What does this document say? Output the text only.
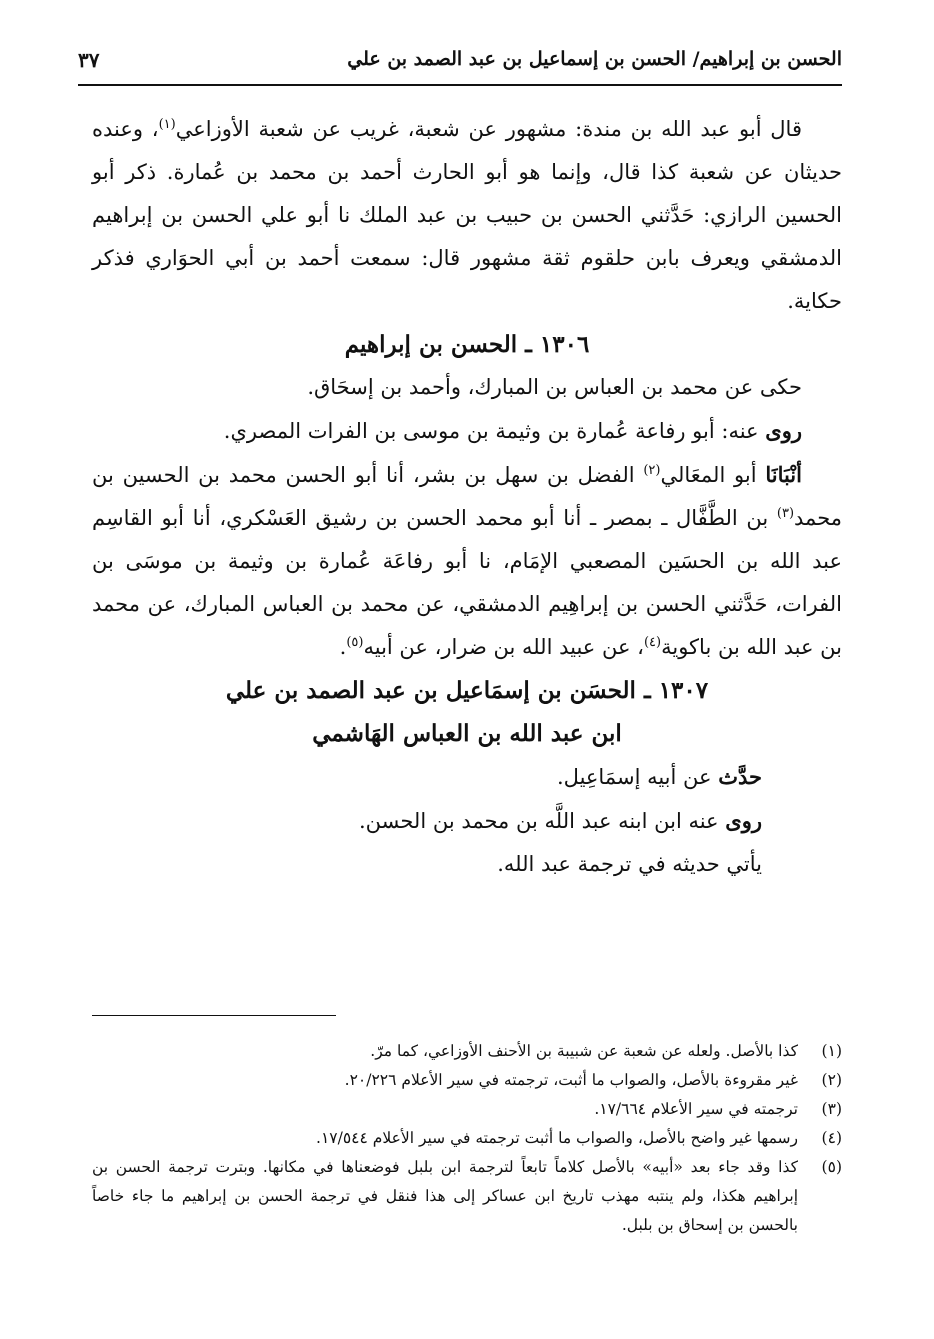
الحسن بن إبراهيم/ الحسن بن إسماعيل بن عبد الصمد بن علي
٣٧

قال أبو عبد الله بن مندة: مشهور عن شعبة، غريب عن شعبة الأوزاعي$^{(١)}$، وعنده حديثان عن شعبة كذا قال، وإنما هو أبو الحارث أحمد بن محمد بن عُمارة. ذكر أبو الحسين الرازي: حَدَّثني الحسن بن حبيب بن عبد الملك نا أبو علي الحسن بن إبراهيم الدمشقي ويعرف بابن حلقوم ثقة مشهور قال: سمعت أحمد بن أبي الحوَاري فذكر حكاية.

١٣٠٦ ـ الحسن بن إبراهيم

حكى عن محمد بن العباس بن المبارك، وأحمد بن إسحَاق.

روى عنه: أبو رفاعة عُمارة بن وثيمة بن موسى بن الفرات المصري.

أنْبَانَا أبو المعَالي$^{(٢)}$ الفضل بن سهل بن بشر، أنا أبو الحسن محمد بن الحسين بن محمد$^{(٣)}$ بن الطَّفَّال ـ بمصر ـ أنا أبو محمد الحسن بن رشيق العَسْكري، أنا أبو القاسِم عبد الله بن الحسَين المصعبي الإمَام، نا أبو رفاعَة عُمارة بن وثيمة بن موسَى بن الفرات، حَدَّثني الحسن بن إبراهِيم الدمشقي، عن محمد بن العباس المبارك، عن محمد بن عبد الله بن باكوية$^{(٤)}$، عن عبيد الله بن ضرار، عن أبيه$^{(٥)}$.

١٣٠٧ ـ الحسَن بن إسمَاعيل بن عبد الصمد بن علي

ابن عبد الله بن العباس الهَاشمي

حدَّث عن أبيه إسمَاعِيل.

روى عنه ابن ابنه عبد اللَّه بن محمد بن الحسن.

يأتي حديثه في ترجمة عبد الله.

(١)
كذا بالأصل. ولعله عن شعبة عن شبيبة بن الأحنف الأوزاعي، كما مرّ.

(٢)
غير مقروءة بالأصل، والصواب ما أثبت، ترجمته في سير الأعلام ٢٠/٢٢٦.

(٣)
ترجمته في سير الأعلام ١٧/٦٦٤.

(٤)
رسمها غير واضح بالأصل، والصواب ما أثبت ترجمته في سير الأعلام ١٧/٥٤٤.

(٥)
كذا وقد جاء بعد «أبيه» بالأصل كلاماً تابعاً لترجمة ابن بلبل فوضعناها في مكانها. وبترت ترجمة الحسن بن إبراهيم هكذا، ولم ينتبه مهذب تاريخ ابن عساكر إلى هذا فنقل في ترجمة الحسن بن إبراهيم ما جاء خاصاً بالحسن بن إسحاق بن بلبل.
